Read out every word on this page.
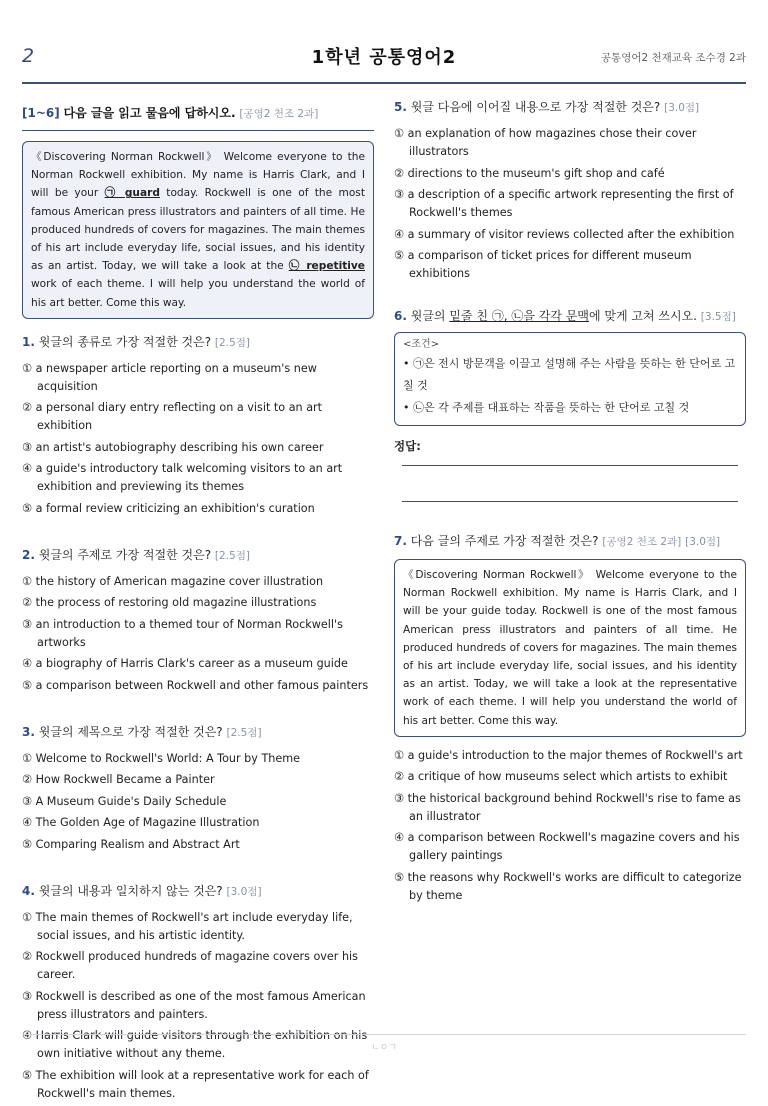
2	1학년 공통영어2	공통영어2 천재교육 조수경 2과
[1~6] 다음 글을 읽고 물음에 답하시오. [공영2 천조 2과]
《Discovering Norman Rockwell》 Welcome everyone to the Norman Rockwell exhibition. My name is Harris Clark, and I will be your ㉠ guard today. Rockwell is one of the most famous American press illustrators and painters of all time. He produced hundreds of covers for magazines. The main themes of his art include everyday life, social issues, and his identity as an artist. Today, we will take a look at the ㉡ repetitive work of each theme. I will help you understand the world of his art better. Come this way.
1. 윗글의 종류로 가장 적절한 것은? [2.5점]
① a newspaper article reporting on a museum's new acquisition
② a personal diary entry reflecting on a visit to an art exhibition
③ an artist's autobiography describing his own career
④ a guide's introductory talk welcoming visitors to an art exhibition and previewing its themes
⑤ a formal review criticizing an exhibition's curation
2. 윗글의 주제로 가장 적절한 것은? [2.5점]
① the history of American magazine cover illustration
② the process of restoring old magazine illustrations
③ an introduction to a themed tour of Norman Rockwell's artworks
④ a biography of Harris Clark's career as a museum guide
⑤ a comparison between Rockwell and other famous painters
3. 윗글의 제목으로 가장 적절한 것은? [2.5점]
① Welcome to Rockwell's World: A Tour by Theme
② How Rockwell Became a Painter
③ A Museum Guide's Daily Schedule
④ The Golden Age of Magazine Illustration
⑤ Comparing Realism and Abstract Art
4. 윗글의 내용과 일치하지 않는 것은? [3.0점]
① The main themes of Rockwell's art include everyday life, social issues, and his artistic identity.
② Rockwell produced hundreds of magazine covers over his career.
③ Rockwell is described as one of the most famous American press illustrators and painters.
④ Harris Clark will guide visitors through the exhibition on his own initiative without any theme.
⑤ The exhibition will look at a representative work for each of Rockwell's main themes.
5. 윗글 다음에 이어질 내용으로 가장 적절한 것은? [3.0점]
① an explanation of how magazines chose their cover illustrators
② directions to the museum's gift shop and café
③ a description of a specific artwork representing the first of Rockwell's themes
④ a summary of visitor reviews collected after the exhibition
⑤ a comparison of ticket prices for different museum exhibitions
6. 윗글의 밑줄 친 ㉠, ㉡을 각각 문맥에 맞게 고쳐 쓰시오. [3.5점]
<조건>
• ㉠은 전시 방문객을 이끌고 설명해 주는 사람을 뜻하는 한 단어로 고칠 것
• ㉡은 각 주제를 대표하는 작품을 뜻하는 한 단어로 고칠 것
정답:
7. 다음 글의 주제로 가장 적절한 것은? [공영2 천조 2과] [3.0점]
《Discovering Norman Rockwell》 Welcome everyone to the Norman Rockwell exhibition. My name is Harris Clark, and I will be your guide today. Rockwell is one of the most famous American press illustrators and painters of all time. He produced hundreds of covers for magazines. The main themes of his art include everyday life, social issues, and his identity as an artist. Today, we will take a look at the representative work of each theme. I will help you understand the world of his art better. Come this way.
① a guide's introduction to the major themes of Rockwell's art
② a critique of how museums select which artists to exhibit
③ the historical background behind Rockwell's rise to fame as an illustrator
④ a comparison between Rockwell's magazine covers and his gallery paintings
⑤ the reasons why Rockwell's works are difficult to categorize by theme
ㄴㅇㄱ
